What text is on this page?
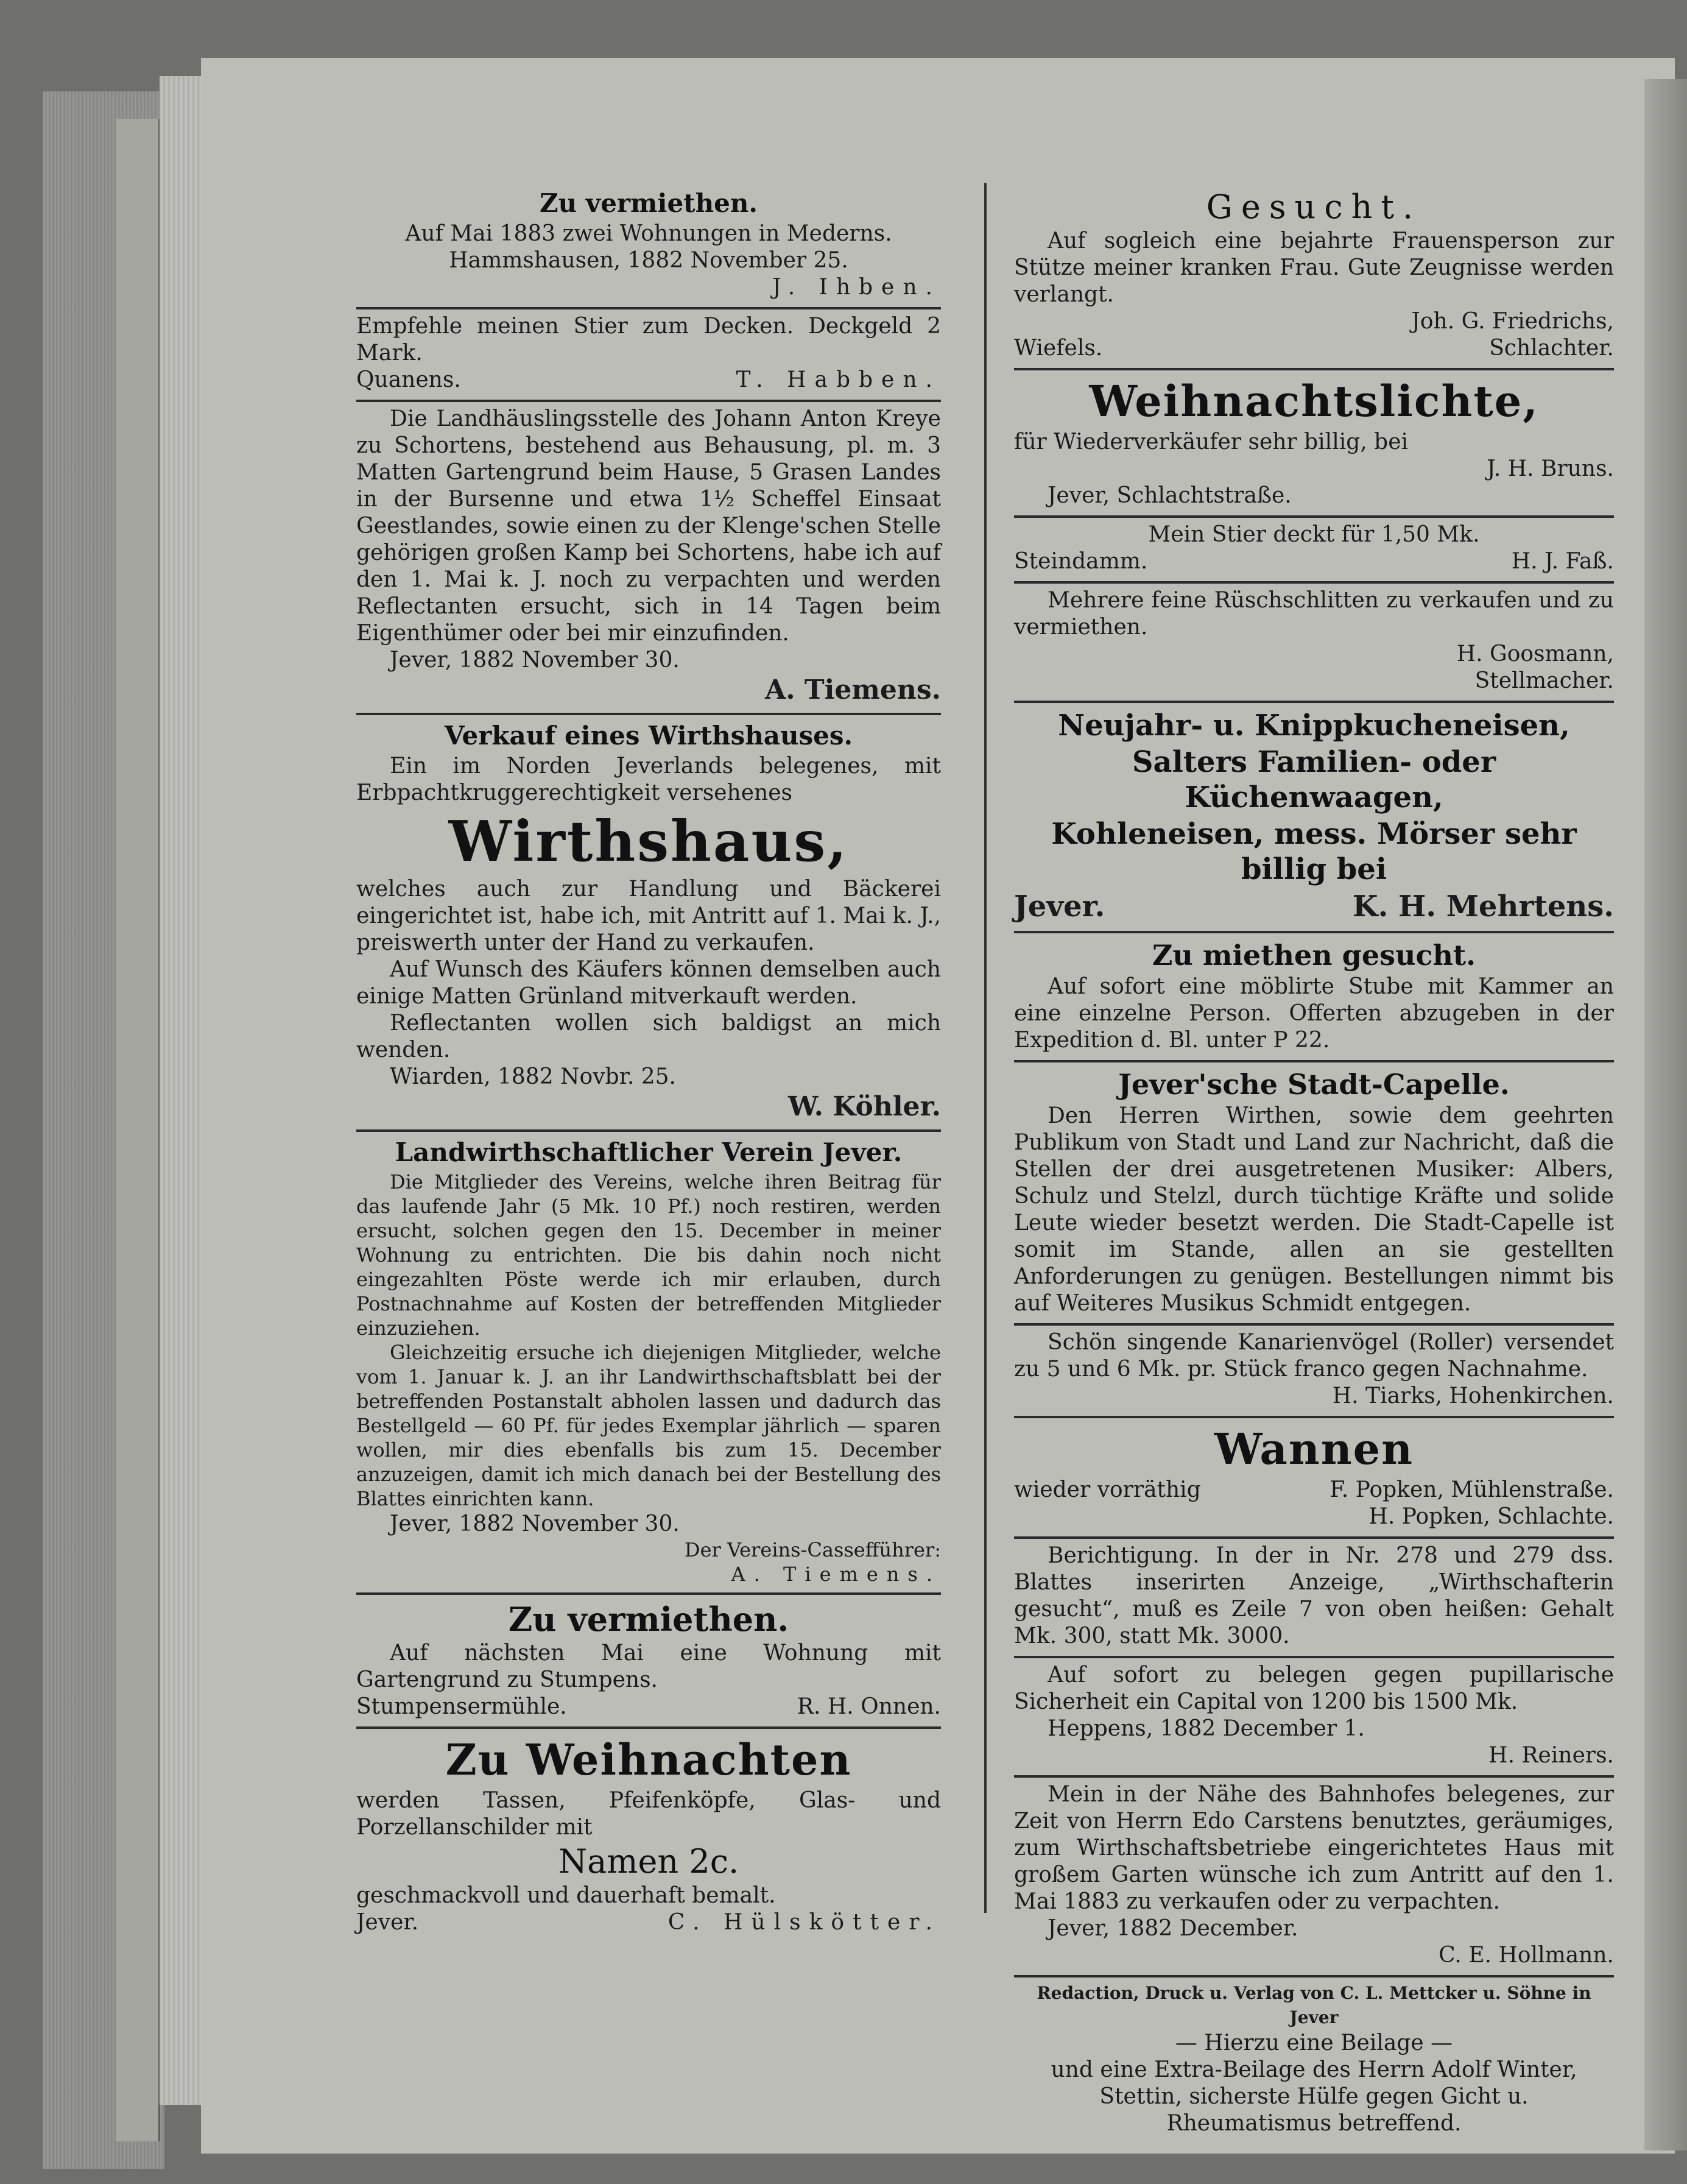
Zu vermiethen.

Auf Mai 1883 zwei Wohnungen in Mederns.

Hammshausen, 1882 November 25.

J. Ihben.

Empfehle meinen Stier zum Decken. Deckgeld 2 Mark.

Quanens.	T. Habben.

Die Landhäuslingsstelle des Johann Anton Kreye zu Schortens, bestehend aus Behausung, pl. m. 3 Matten Gartengrund beim Hause, 5 Grasen Landes in der Bursenne und etwa 1½ Scheffel Einsaat Geestlandes, sowie einen zu der Klenge'schen Stelle gehörigen großen Kamp bei Schortens, habe ich auf den 1. Mai k. J. noch zu verpachten und werden Reflectanten ersucht, sich in 14 Tagen beim Eigenthümer oder bei mir einzufinden.

Jever, 1882 November 30.

A. Tiemens.

Verkauf eines Wirthshauses.

Ein im Norden Jeverlands belegenes, mit Erbpachtkruggerechtigkeit versehenes

Wirthshaus,

welches auch zur Handlung und Bäckerei eingerichtet ist, habe ich, mit Antritt auf 1. Mai k. J., preiswerth unter der Hand zu verkaufen.

Auf Wunsch des Käufers können demselben auch einige Matten Grünland mitverkauft werden.

Reflectanten wollen sich baldigst an mich wenden.

Wiarden, 1882 Novbr. 25.

W. Köhler.

Landwirthschaftlicher Verein Jever.

Die Mitglieder des Vereins, welche ihren Beitrag für das laufende Jahr (5 Mk. 10 Pf.) noch restiren, werden ersucht, solchen gegen den 15. December in meiner Wohnung zu entrichten. Die bis dahin noch nicht eingezahlten Pöste werde ich mir erlauben, durch Postnachnahme auf Kosten der betreffenden Mitglieder einzuziehen.

Gleichzeitig ersuche ich diejenigen Mitglieder, welche vom 1. Januar k. J. an ihr Landwirthschaftsblatt bei der betreffenden Postanstalt abholen lassen und dadurch das Bestellgeld — 60 Pf. für jedes Exemplar jährlich — sparen wollen, mir dies ebenfalls bis zum 15. December anzuzeigen, damit ich mich danach bei der Bestellung des Blattes einrichten kann.

Jever, 1882 November 30.

Der Vereins-Cassefführer:

A. Tiemens.

Zu vermiethen.

Auf nächsten Mai eine Wohnung mit Gartengrund zu Stumpens.

Stumpensermühle.	R. H. Onnen.

Zu Weihnachten

werden Tassen, Pfeifenköpfe, Glas- und Porzellanschilder mit

Namen 2c.

geschmackvoll und dauerhaft bemalt.

Jever.	C. Hülskötter.

Gesucht.

Auf sogleich eine bejahrte Frauensperson zur Stütze meiner kranken Frau. Gute Zeugnisse werden verlangt.

Joh. G. Friedrichs,

Wiefels.	Schlachter.

Weihnachtslichte,

für Wiederverkäufer sehr billig, bei

J. H. Bruns.

Jever, Schlachtstraße.

Mein Stier deckt für 1,50 Mk.

Steindamm.	H. J. Faß.

Mehrere feine Rüschschlitten zu verkaufen und zu vermiethen.

H. Goosmann,

Stellmacher.

Neujahr- u. Knippkucheneisen,

Salters Familien- oder Küchenwaagen,

Kohleneisen, mess. Mörser sehr billig bei

Jever.	K. H. Mehrtens.

Zu miethen gesucht.

Auf sofort eine möblirte Stube mit Kammer an eine einzelne Person. Offerten abzugeben in der Expedition d. Bl. unter P 22.

Jever'sche Stadt-Capelle.

Den Herren Wirthen, sowie dem geehrten Publikum von Stadt und Land zur Nachricht, daß die Stellen der drei ausgetretenen Musiker: Albers, Schulz und Stelzl, durch tüchtige Kräfte und solide Leute wieder besetzt werden. Die Stadt-Capelle ist somit im Stande, allen an sie gestellten Anforderungen zu genügen. Bestellungen nimmt bis auf Weiteres Musikus Schmidt entgegen.

Schön singende Kanarienvögel (Roller) versendet zu 5 und 6 Mk. pr. Stück franco gegen Nachnahme.

H. Tiarks, Hohenkirchen.

Wannen

wieder vorräthig	F. Popken, Mühlenstraße.

H. Popken, Schlachte.

Berichtigung. In der in Nr. 278 und 279 dss. Blattes inserirten Anzeige, „Wirthschafterin gesucht“, muß es Zeile 7 von oben heißen: Gehalt Mk. 300, statt Mk. 3000.

Auf sofort zu belegen gegen pupillarische Sicherheit ein Capital von 1200 bis 1500 Mk.

Heppens, 1882 December 1.

H. Reiners.

Mein in der Nähe des Bahnhofes belegenes, zur Zeit von Herrn Edo Carstens benutztes, geräumiges, zum Wirthschaftsbetriebe eingerichtetes Haus mit großem Garten wünsche ich zum Antritt auf den 1. Mai 1883 zu verkaufen oder zu verpachten.

Jever, 1882 December.

C. E. Hollmann.

Redaction, Druck u. Verlag von C. L. Mettcker u. Söhne in Jever

— Hierzu eine Beilage —

und eine Extra-Beilage des Herrn Adolf Winter, Stettin, sicherste Hülfe gegen Gicht u. Rheumatismus betreffend.
